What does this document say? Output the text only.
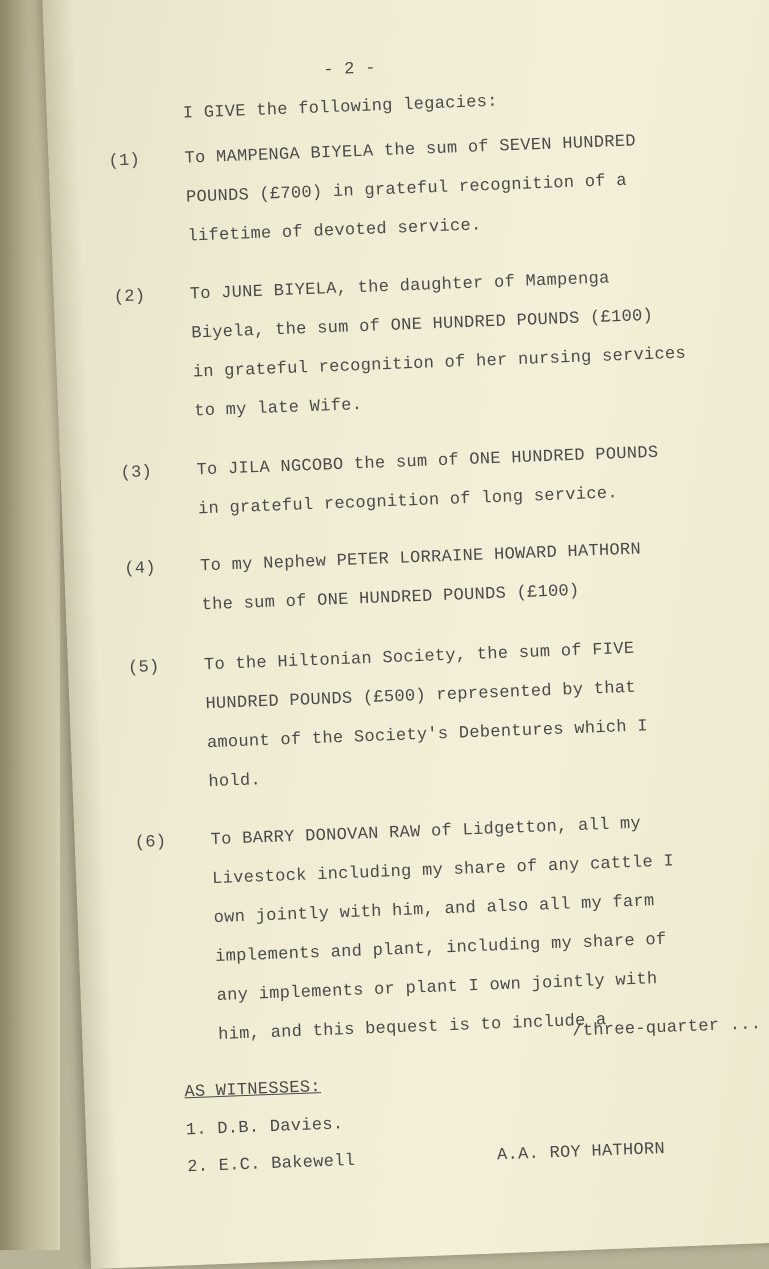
- 2 -
I GIVE the following legacies:
(1)	To MAMPENGA BIYELA the sum of SEVEN HUNDRED
POUNDS (£700) in grateful recognition of a
lifetime of devoted service.
(2)	To JUNE BIYELA, the daughter of Mampenga
Biyela, the sum of ONE HUNDRED POUNDS (£100)
in grateful recognition of her nursing services
to my late Wife.
(3)	To JILA NGCOBO the sum of ONE HUNDRED POUNDS
in grateful recognition of long service.
(4)	To my Nephew PETER LORRAINE HOWARD HATHORN
the sum of ONE HUNDRED POUNDS (£100)
(5)	To the Hiltonian Society, the sum of FIVE
HUNDRED POUNDS (£500) represented by that
amount of the Society's Debentures which I
hold.
(6)	To BARRY DONOVAN RAW of Lidgetton, all my
Livestock including my share of any cattle I
own jointly with him, and also all my farm
implements and plant, including my share of
any implements or plant I own jointly with
him, and this bequest is to include a
/three-quarter ...
AS WITNESSES:
1. D.B. Davies.
2. E.C. Bakewell	A.A. ROY HATHORN
